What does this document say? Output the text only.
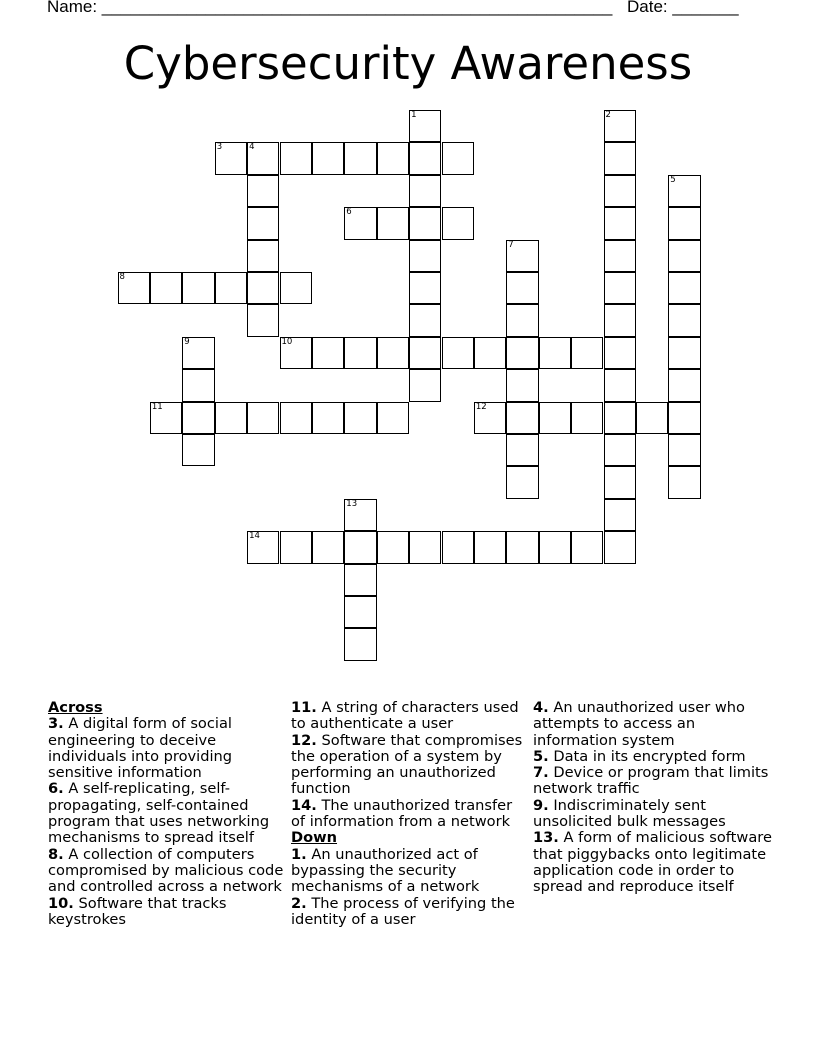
Name: ______________________________________________________ Date: _______
Cybersecurity Awareness
3	4
6
8
10
11	12
14
1	2
5
7
9
13
Across

3. A digital form of social engineering to deceive individuals into providing sensitive information

6. A self-replicating, self-propagating, self-contained program that uses networking mechanisms to spread itself

8. A collection of computers compromised by malicious code and controlled across a network

10. Software that tracks keystrokes

11. A string of characters used to authenticate a user

12. Software that compromises the operation of a system by performing an unauthorized function

14. The unauthorized transfer of information from a network

Down

1. An unauthorized act of bypassing the security mechanisms of a network

2. The process of verifying the identity of a user

4. An unauthorized user who attempts to access an information system

5. Data in its encrypted form

7. Device or program that limits network traffic

9. Indiscriminately sent unsolicited bulk messages

13. A form of malicious software that piggybacks onto legitimate application code in order to spread and reproduce itself
